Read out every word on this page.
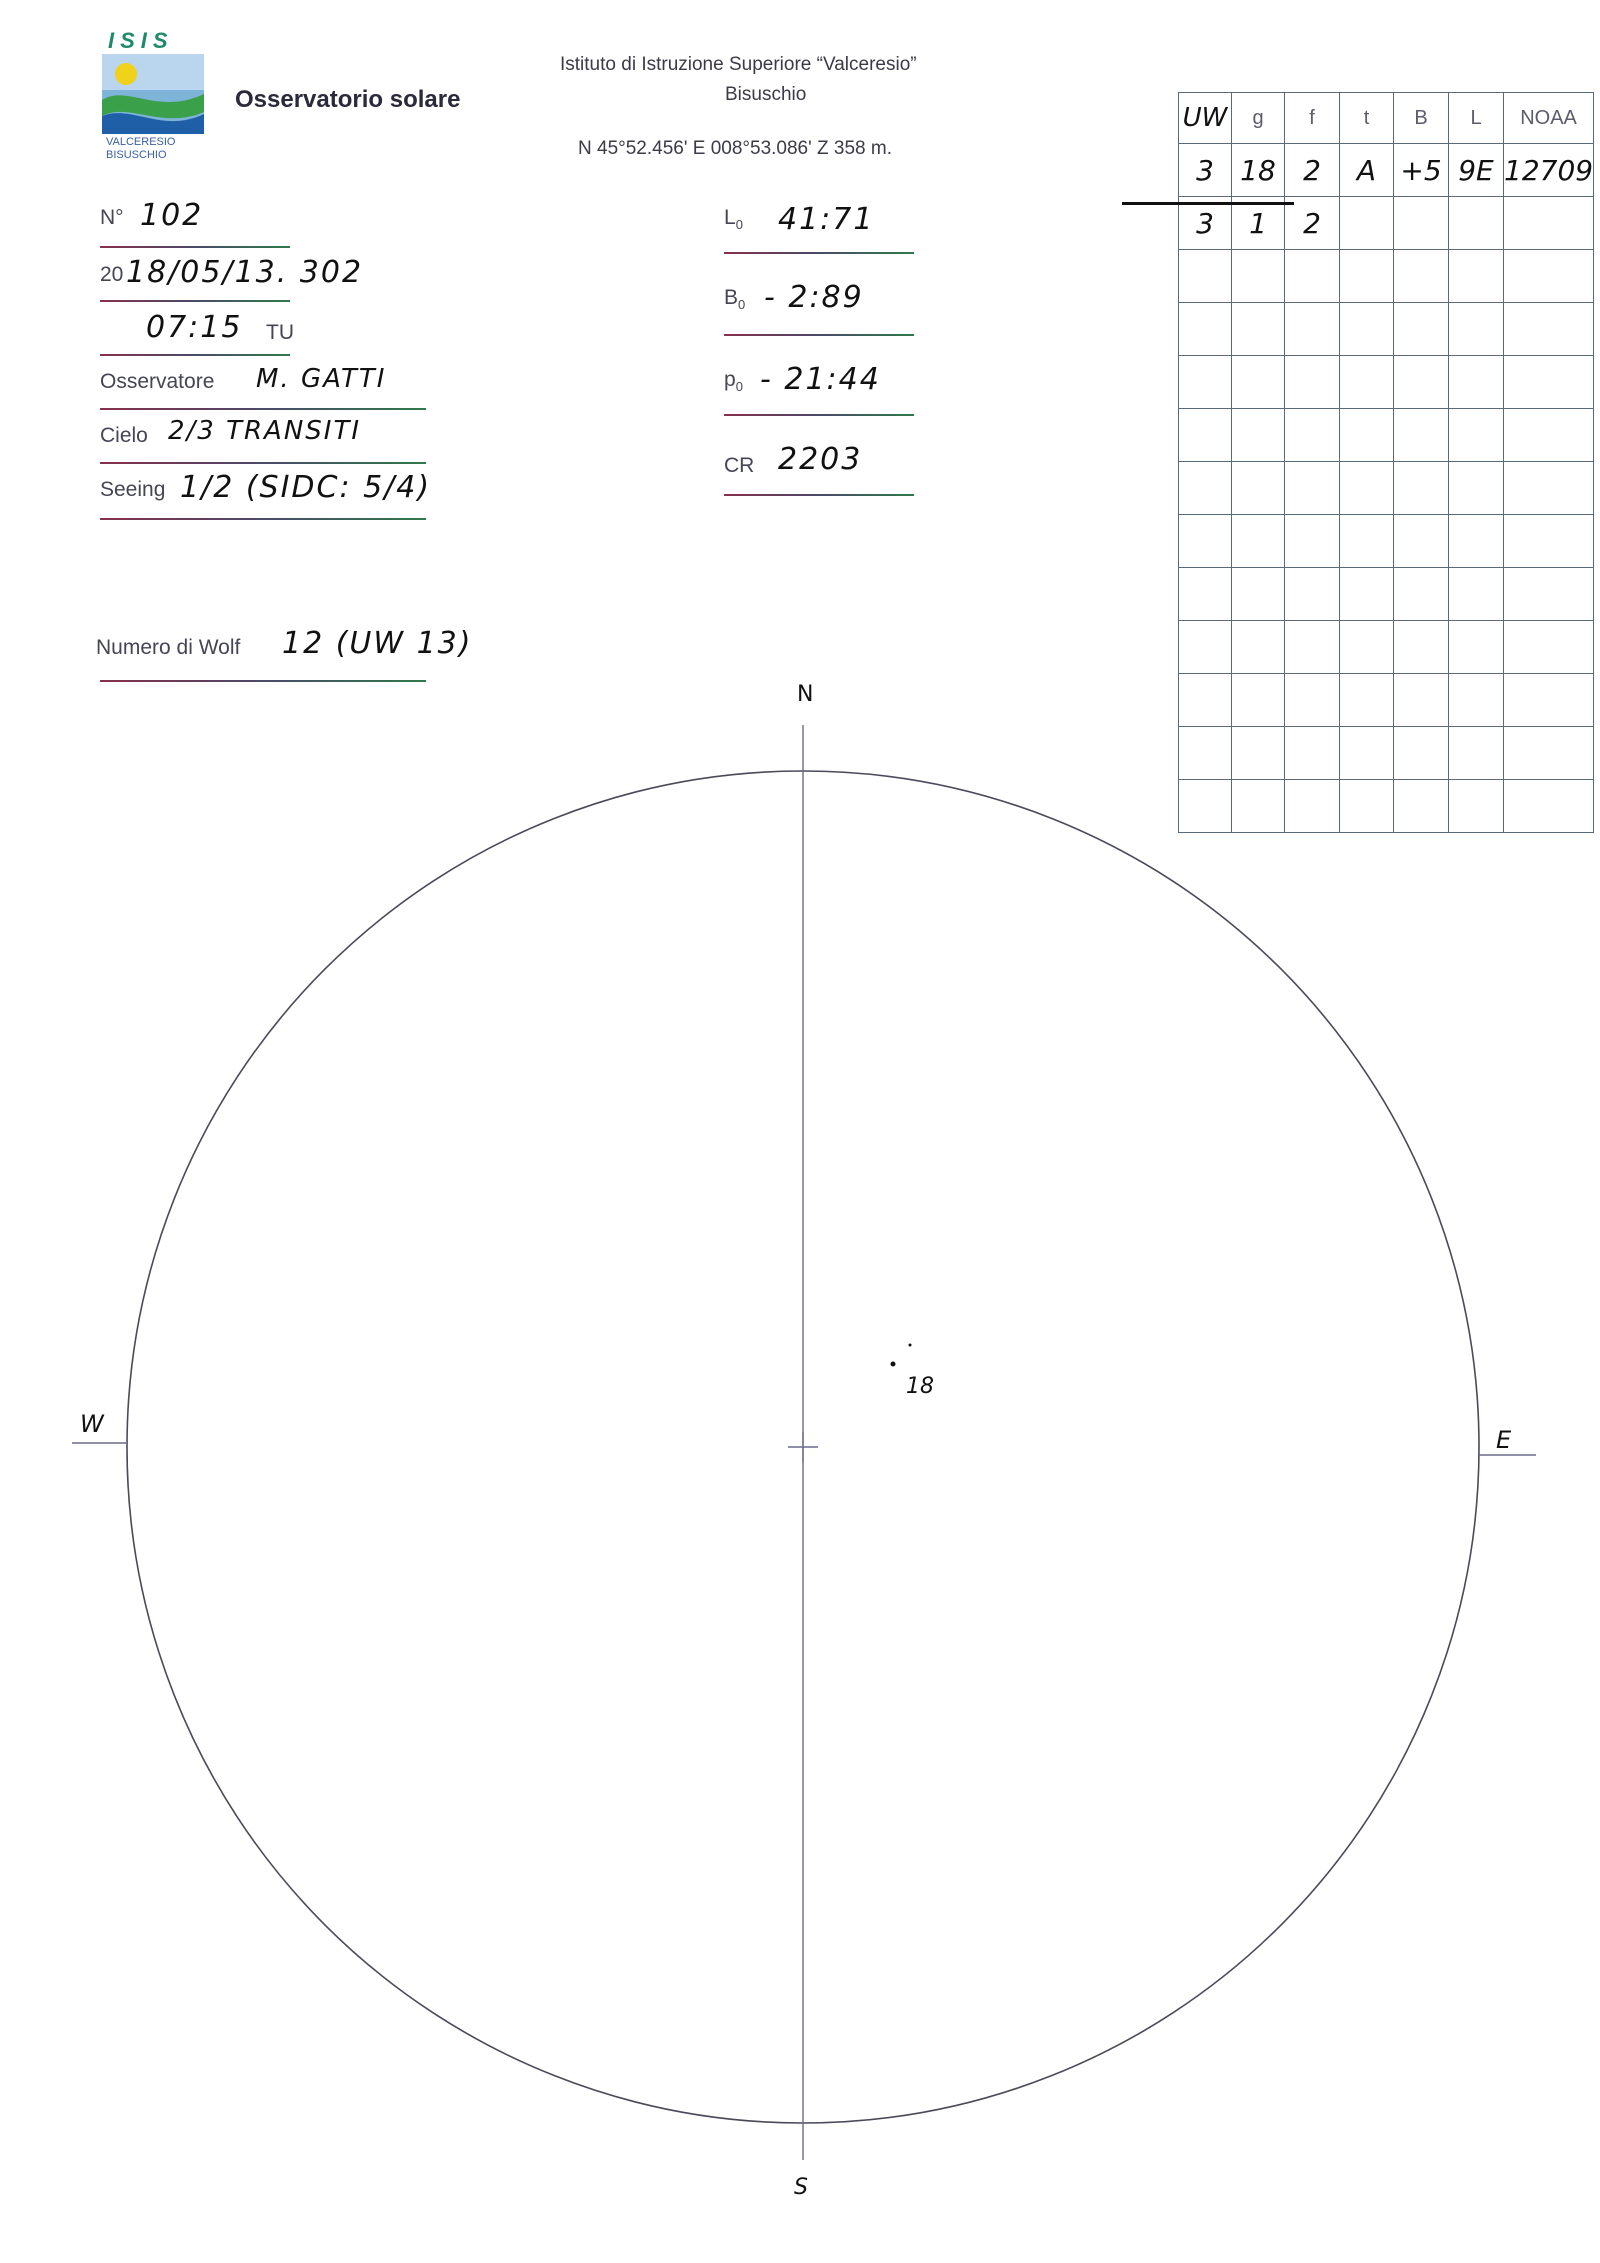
ISIS
VALCERESIO
BISUSCHIO
Osservatorio solare
Istituto di Istruzione Superiore “Valceresio”
Bisuschio
N 45°52.456' E 008°53.086' Z 358 m.
N° 102
20 18/05/13. 302
07:15 TU
Osservatore M. GATTI
Cielo 2/3 TRANSITI
Seeing 1/2 (SIDC: 5/4)
Numero di Wolf 12 (UW 13)
$L_0$ 41:71
$B_0$ - 2:89
$p_0$ - 21:44
CR 2203
UW	g	f	t	B	L	NOAA
3	18	2	A	+5	9E	12709
3	1	2				

N
S
W
E
18
